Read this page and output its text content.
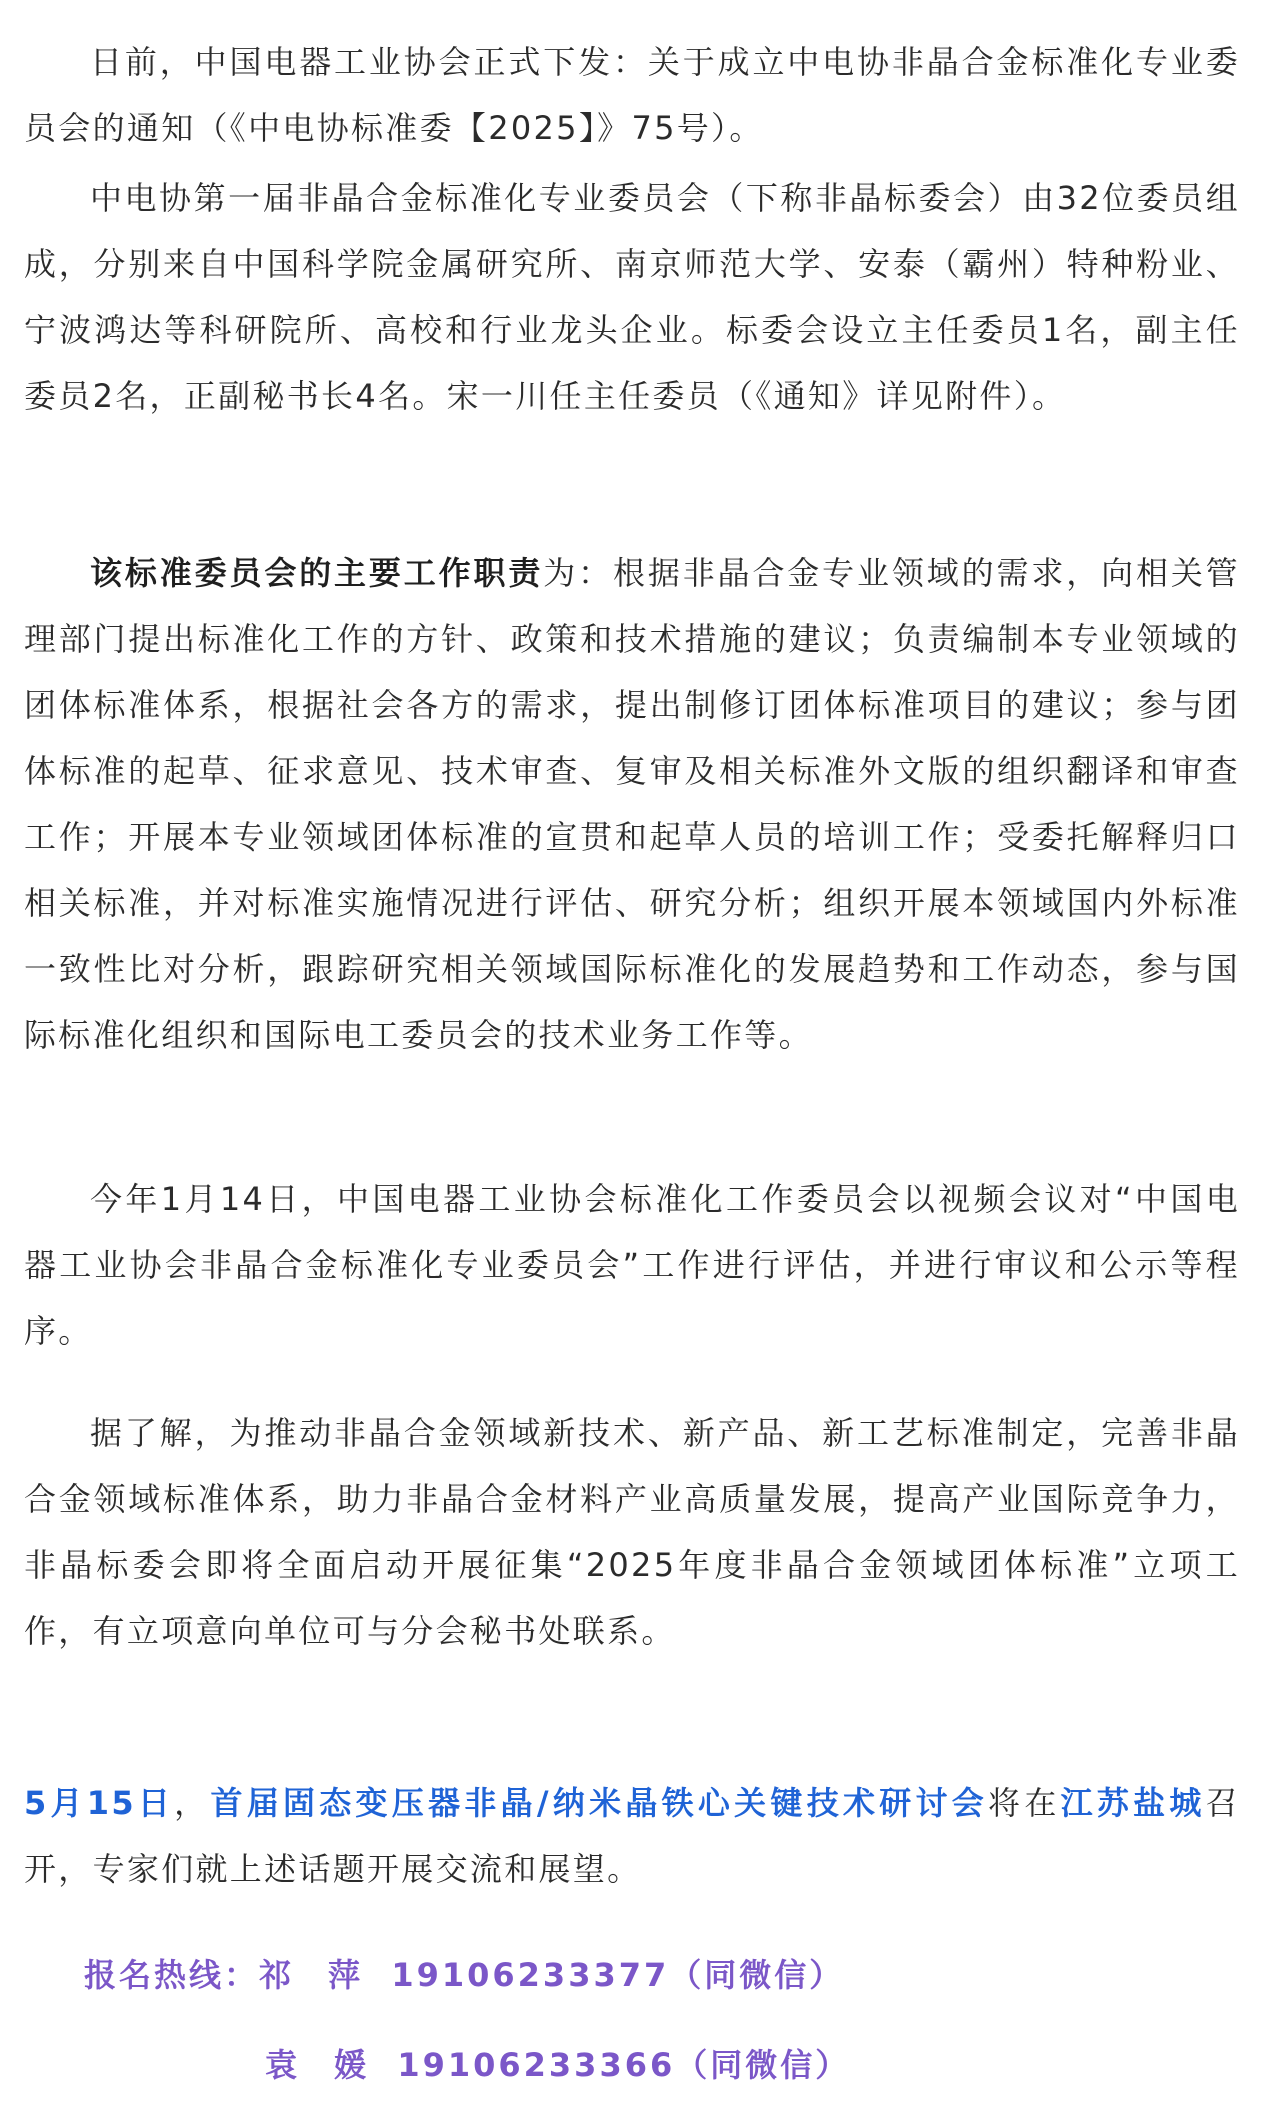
日前，中国电器工业协会正式下发：关于成立中电协非晶合金标准化专业委员会的通知（《中电协标准委【2025】》75号）。

中电协第一届非晶合金标准化专业委员会（下称非晶标委会）由32位委员组成，分别来自中国科学院金属研究所、南京师范大学、安泰（霸州）特种粉业、宁波鸿达等科研院所、高校和行业龙头企业。标委会设立主任委员1名，副主任委员2名，正副秘书长4名。宋一川任主任委员（《通知》详见附件）。

该标准委员会的主要工作职责为：根据非晶合金专业领域的需求，向相关管理部门提出标准化工作的方针、政策和技术措施的建议；负责编制本专业领域的团体标准体系，根据社会各方的需求，提出制修订团体标准项目的建议；参与团体标准的起草、征求意见、技术审查、复审及相关标准外文版的组织翻译和审查工作；开展本专业领域团体标准的宣贯和起草人员的培训工作；受委托解释归口相关标准，并对标准实施情况进行评估、研究分析；组织开展本领域国内外标准一致性比对分析，跟踪研究相关领域国际标准化的发展趋势和工作动态，参与国际标准化组织和国际电工委员会的技术业务工作等。

今年1月14日，中国电器工业协会标准化工作委员会以视频会议对“中国电器工业协会非晶合金标准化专业委员会”工作进行评估，并进行审议和公示等程序。

据了解，为推动非晶合金领域新技术、新产品、新工艺标准制定，完善非晶合金领域标准体系，助力非晶合金材料产业高质量发展，提高产业国际竞争力，非晶标委会即将全面启动开展征集“2025年度非晶合金领域团体标准”立项工作，有立项意向单位可与分会秘书处联系。

5月15日，首届固态变压器非晶/纳米晶铁心关键技术研讨会将在江苏盐城召开，专家们就上述话题开展交流和展望。

报名热线：祁 萍 19106233377（同微信）
袁 媛 19106233366（同微信）
